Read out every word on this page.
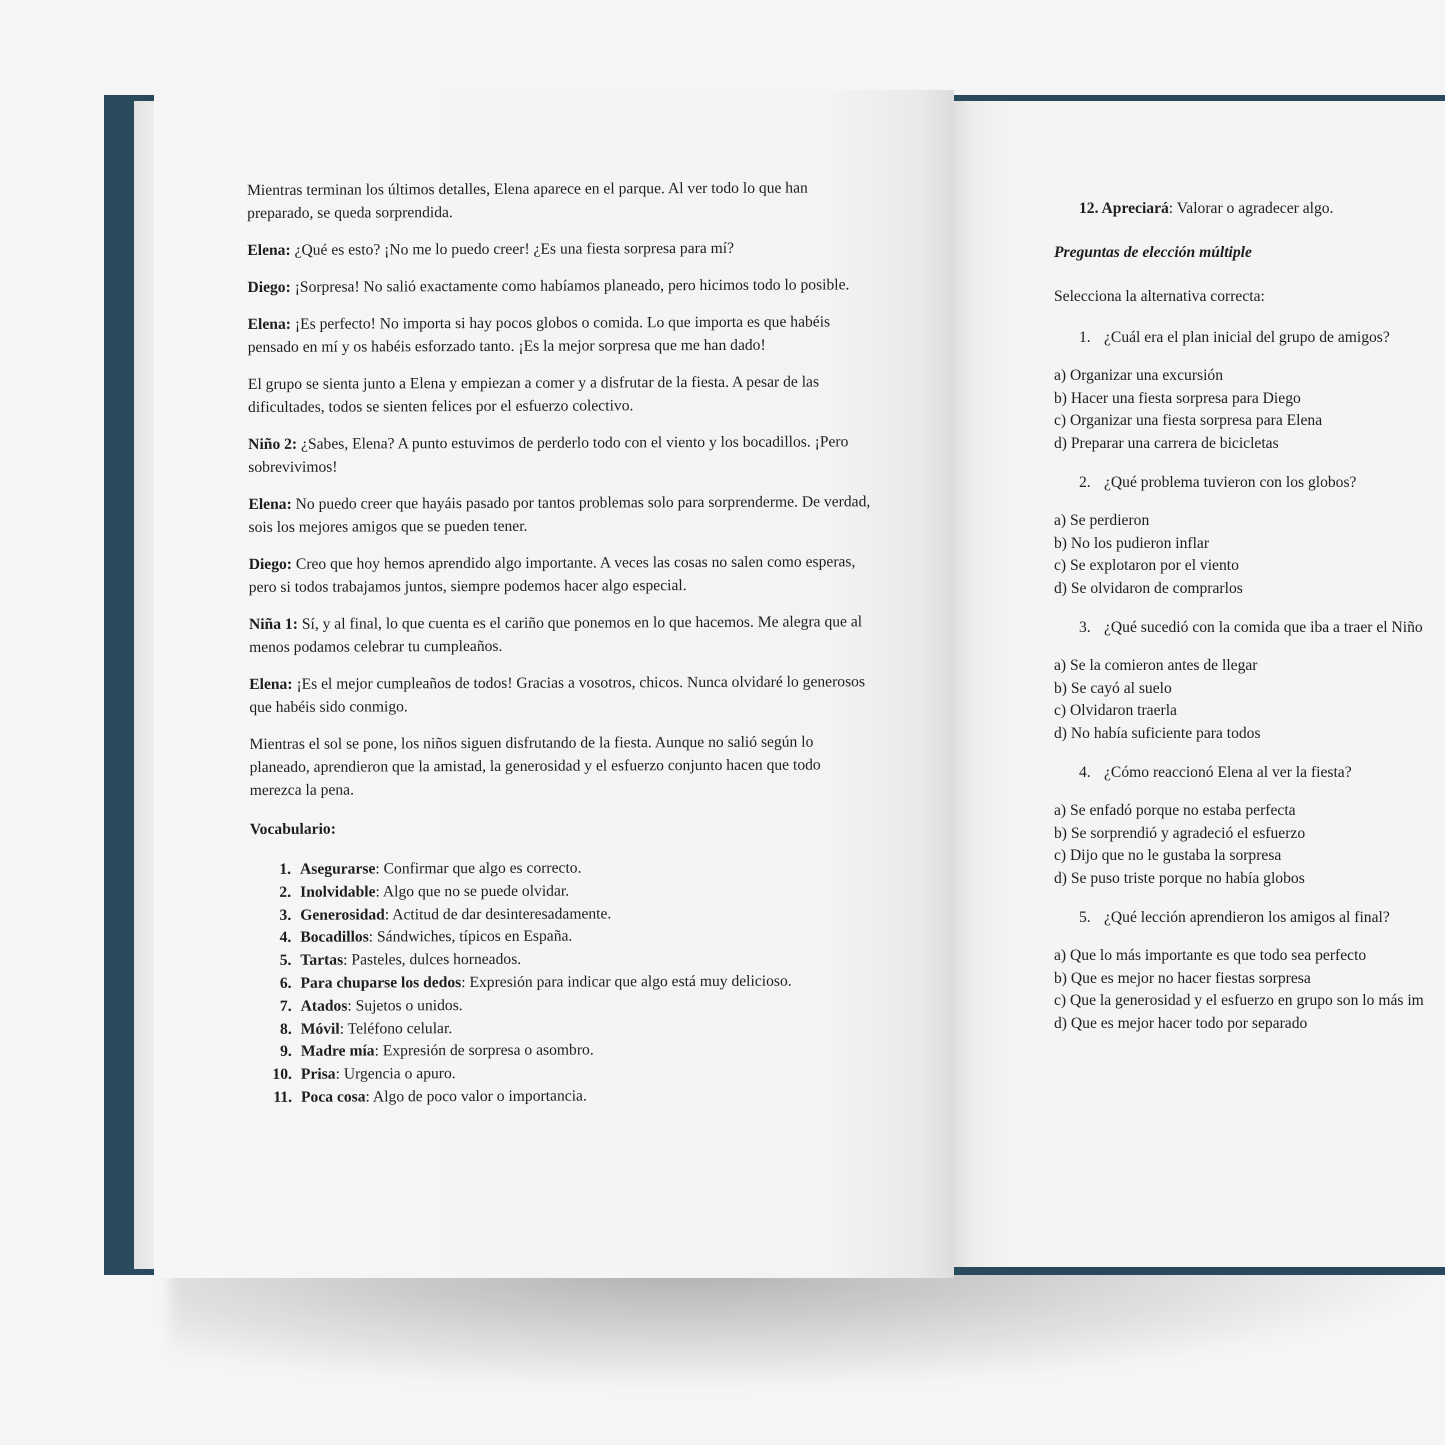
Mientras terminan los últimos detalles, Elena aparece en el parque. Al ver todo lo que han preparado, se queda sorprendida.

Elena: ¿Qué es esto? ¡No me lo puedo creer! ¿Es una fiesta sorpresa para mí?

Diego: ¡Sorpresa! No salió exactamente como habíamos planeado, pero hicimos todo lo posible.

Elena: ¡Es perfecto! No importa si hay pocos globos o comida. Lo que importa es que habéis pensado en mí y os habéis esforzado tanto. ¡Es la mejor sorpresa que me han dado!

El grupo se sienta junto a Elena y empiezan a comer y a disfrutar de la fiesta. A pesar de las dificultades, todos se sienten felices por el esfuerzo colectivo.

Niño 2: ¿Sabes, Elena? A punto estuvimos de perderlo todo con el viento y los bocadillos. ¡Pero sobrevivimos!

Elena: No puedo creer que hayáis pasado por tantos problemas solo para sorprenderme. De verdad, sois los mejores amigos que se pueden tener.

Diego: Creo que hoy hemos aprendido algo importante. A veces las cosas no salen como esperas, pero si todos trabajamos juntos, siempre podemos hacer algo especial.

Niña 1: Sí, y al final, lo que cuenta es el cariño que ponemos en lo que hacemos. Me alegra que al menos podamos celebrar tu cumpleaños.

Elena: ¡Es el mejor cumpleaños de todos! Gracias a vosotros, chicos. Nunca olvidaré lo generosos que habéis sido conmigo.

Mientras el sol se pone, los niños siguen disfrutando de la fiesta. Aunque no salió según lo planeado, aprendieron que la amistad, la generosidad y el esfuerzo conjunto hacen que todo merezca la pena.

Vocabulario:
1. Asegurarse: Confirmar que algo es correcto.
2. Inolvidable: Algo que no se puede olvidar.
3. Generosidad: Actitud de dar desinteresadamente.
4. Bocadillos: Sándwiches, típicos en España.
5. Tartas: Pasteles, dulces horneados.
6. Para chuparse los dedos: Expresión para indicar que algo está muy delicioso.
7. Atados: Sujetos o unidos.
8. Móvil: Teléfono celular.
9. Madre mía: Expresión de sorpresa o asombro.
10. Prisa: Urgencia o apuro.
11. Poca cosa: Algo de poco valor o importancia.
12. Apreciará: Valorar o agradecer algo.
Preguntas de elección múltiple
Selecciona la alternativa correcta:
1. ¿Cuál era el plan inicial del grupo de amigos?
a) Organizar una excursión
b) Hacer una fiesta sorpresa para Diego
c) Organizar una fiesta sorpresa para Elena
d) Preparar una carrera de bicicletas
2. ¿Qué problema tuvieron con los globos?
a) Se perdieron
b) No los pudieron inflar
c) Se explotaron por el viento
d) Se olvidaron de comprarlos
3. ¿Qué sucedió con la comida que iba a traer el Niño
a) Se la comieron antes de llegar
b) Se cayó al suelo
c) Olvidaron traerla
d) No había suficiente para todos
4. ¿Cómo reaccionó Elena al ver la fiesta?
a) Se enfadó porque no estaba perfecta
b) Se sorprendió y agradeció el esfuerzo
c) Dijo que no le gustaba la sorpresa
d) Se puso triste porque no había globos
5. ¿Qué lección aprendieron los amigos al final?
a) Que lo más importante es que todo sea perfecto
b) Que es mejor no hacer fiestas sorpresa
c) Que la generosidad y el esfuerzo en grupo son lo más im
d) Que es mejor hacer todo por separado
